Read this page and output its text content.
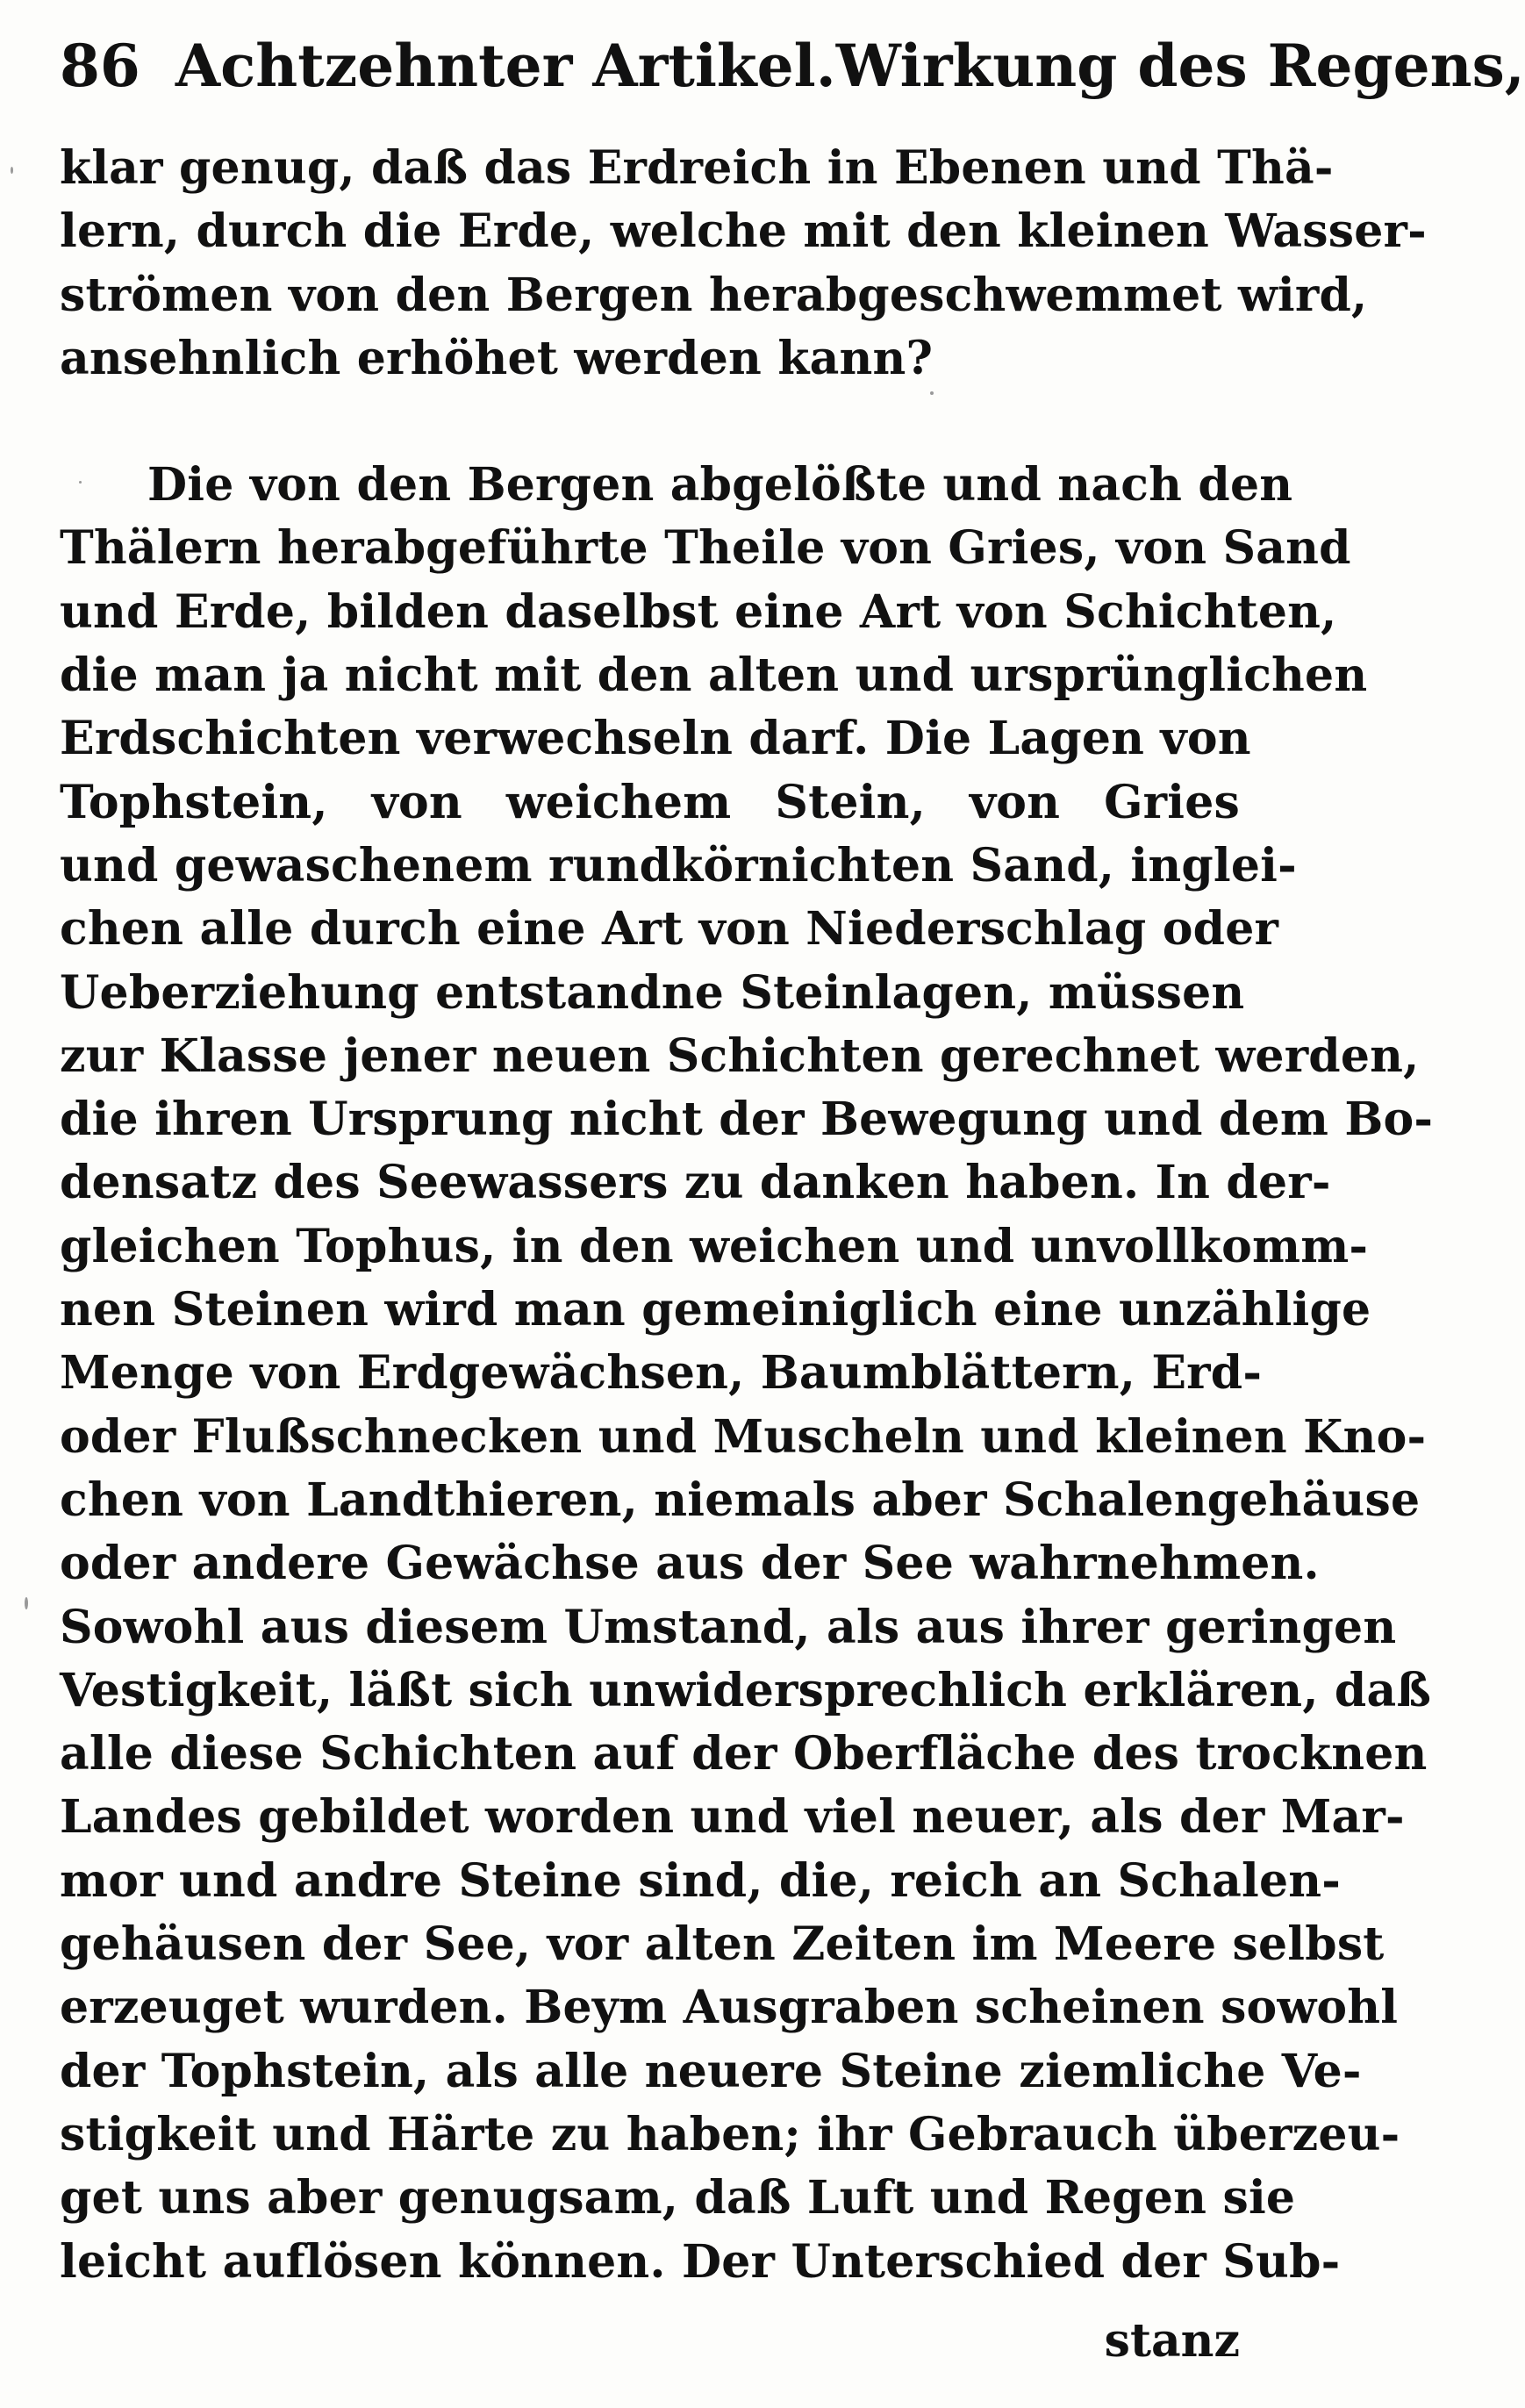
86 Achtzehnter Artikel. Wirkung des Regens,
klar genug, daß das Erdreich in Ebenen und Thä-
lern, durch die Erde, welche mit den kleinen Wasser-
strömen von den Bergen herabgeschwemmet wird,
ansehnlich erhöhet werden kann?
Die von den Bergen abgelößte und nach den
Thälern herabgeführte Theile von Gries, von Sand
und Erde, bilden daselbst eine Art von Schichten,
die man ja nicht mit den alten und ursprünglichen
Erdschichten verwechseln darf. Die Lagen von
Tophstein, von weichem Stein, von Gries
und gewaschenem rundkörnichten Sand, inglei-
chen alle durch eine Art von Niederschlag oder
Ueberziehung entstandne Steinlagen, müssen
zur Klasse jener neuen Schichten gerechnet werden,
die ihren Ursprung nicht der Bewegung und dem Bo-
densatz des Seewassers zu danken haben. In der-
gleichen Tophus, in den weichen und unvollkomm-
nen Steinen wird man gemeiniglich eine unzählige
Menge von Erdgewächsen, Baumblättern, Erd-
oder Flußschnecken und Muscheln und kleinen Kno-
chen von Landthieren, niemals aber Schalengehäuse
oder andere Gewächse aus der See wahrnehmen.
Sowohl aus diesem Umstand, als aus ihrer geringen
Vestigkeit, läßt sich unwidersprechlich erklären, daß
alle diese Schichten auf der Oberfläche des trocknen
Landes gebildet worden und viel neuer, als der Mar-
mor und andre Steine sind, die, reich an Schalen-
gehäusen der See, vor alten Zeiten im Meere selbst
erzeuget wurden. Beym Ausgraben scheinen sowohl
der Tophstein, als alle neuere Steine ziemliche Ve-
stigkeit und Härte zu haben; ihr Gebrauch überzeu-
get uns aber genugsam, daß Luft und Regen sie
leicht auflösen können. Der Unterschied der Sub-
stanz
